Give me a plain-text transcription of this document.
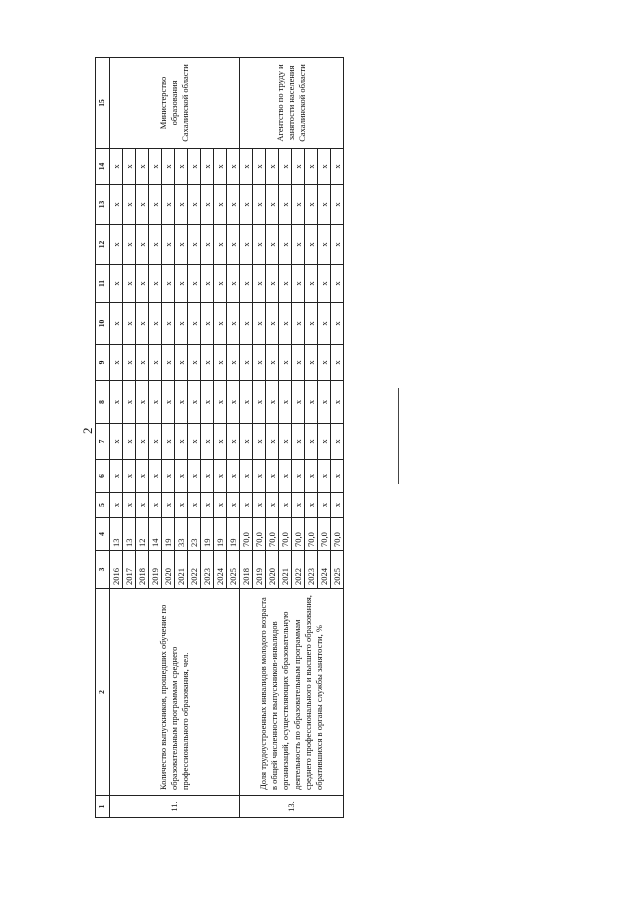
2
1	2	3	4	5	6	7	8	9	10	11	12	13	14	15
11.	Количество выпускников, прошедших обучение по образовательным программам среднего профессионального образования, чел.	2016	13	x	x	x	x	x	x	x	x	x	x	Министерство образования Сахалинской области
		2017	13	x	x	x	x	x	x	x	x	x	x	
		2018	12	x	x	x	x	x	x	x	x	x	x	
		2019	14	x	x	x	x	x	x	x	x	x	x	
		2020	19	x	x	x	x	x	x	x	x	x	x	
		2021	33	x	x	x	x	x	x	x	x	x	x	
		2022	23	x	x	x	x	x	x	x	x	x	x	
		2023	19	x	x	x	x	x	x	x	x	x	x	
		2024	19	x	x	x	x	x	x	x	x	x	x	
		2025	19	x	x	x	x	x	x	x	x	x	x	
13.	Доля трудоустроенных инвалидов молодого возраста в общей численности выпускников-инвалидов организаций, осуществляющих образовательную деятельность по образовательным программам среднего профессионального и высшего образования, обратившихся в органы службы занятости, %	2018	70,0	x	x	x	x	x	x	x	x	x	x	Агентство по труду и занятости населения Сахалинской области
		2019	70,0	x	x	x	x	x	x	x	x	x	x	
		2020	70,0	x	x	x	x	x	x	x	x	x	x	
		2021	70,0	x	x	x	x	x	x	x	x	x	x	
		2022	70,0	x	x	x	x	x	x	x	x	x	x	
		2023	70,0	x	x	x	x	x	x	x	x	x	x	
		2024	70,0	x	x	x	x	x	x	x	x	x	x	
		2025	70,0	x	x	x	x	x	x	x	x	x	x	
